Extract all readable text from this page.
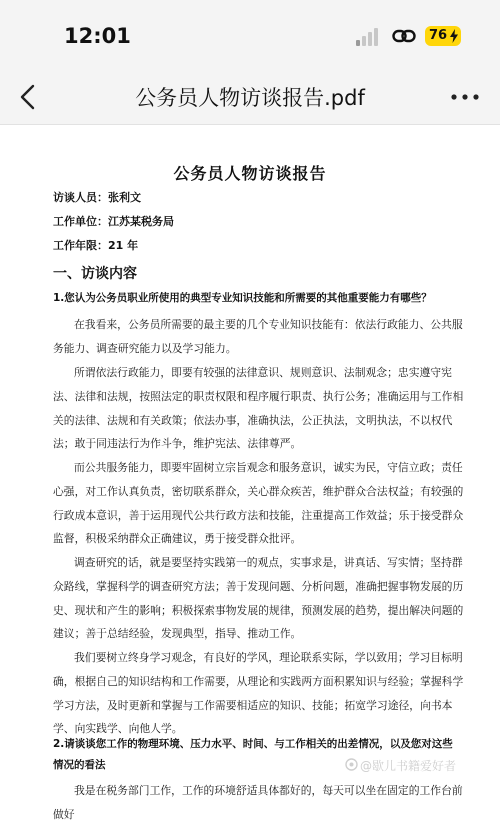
12:01	76
公务员人物访谈报告.pdf
公务员人物访谈报告
访谈人员：张利文
工作单位：江苏某税务局
工作年限：21 年
一、访谈内容
1.您认为公务员职业所使用的典型专业知识技能和所需要的其他重要能力有哪些？
在我看来，公务员所需要的最主要的几个专业知识技能有：依法行政能力、公共服务能力、调查研究能力以及学习能力。
所谓依法行政能力，即要有较强的法律意识、规则意识、法制观念；忠实遵守宪法、法律和法规，按照法定的职责权限和程序履行职责、执行公务；准确运用与工作相关的法律、法规和有关政策；依法办事，准确执法，公正执法，文明执法，不以权代法；敢于同违法行为作斗争，维护宪法、法律尊严。
而公共服务能力，即要牢固树立宗旨观念和服务意识，诚实为民，守信立政；责任心强，对工作认真负责，密切联系群众，关心群众疾苦，维护群众合法权益；有较强的行政成本意识，善于运用现代公共行政方法和技能，注重提高工作效益；乐于接受群众监督，积极采纳群众正确建议，勇于接受群众批评。
调查研究的话，就是要坚持实践第一的观点，实事求是，讲真话、写实情；坚持群众路线，掌握科学的调查研究方法；善于发现问题、分析问题，准确把握事物发展的历史、现状和产生的影响；积极探索事物发展的规律，预测发展的趋势，提出解决问题的建议；善于总结经验，发现典型，指导、推动工作。
我们要树立终身学习观念，有良好的学风，理论联系实际，学以致用；学习目标明确，根据自己的知识结构和工作需要，从理论和实践两方面积累知识与经验；掌握科学学习方法，及时更新和掌握与工作需要相适应的知识、技能；拓宽学习途径，向书本学、向实践学、向他人学。
2.请谈谈您工作的物理环境、压力水平、时间、与工作相关的出差情况，以及您对这些情况的看法
我是在税务部门工作，工作的环境舒适具体都好的，每天可以坐在固定的工作台前做好
@歇儿书籍爱好者
